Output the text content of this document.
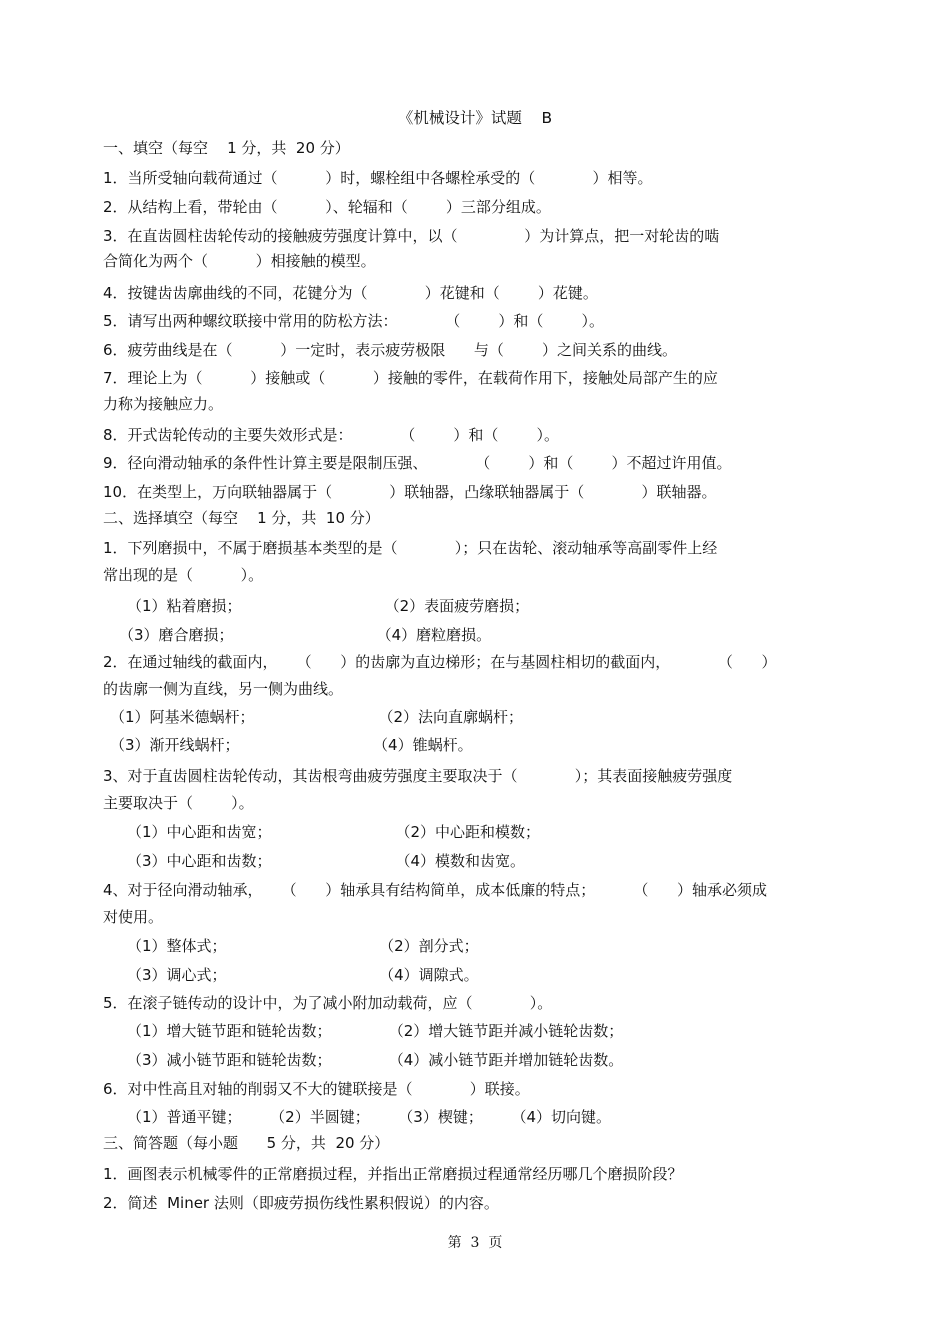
《机械设计》试题    B
一、填空（每空    1 分，共  20 分）
1．当所受轴向载荷通过（          ）时，螺栓组中各螺栓承受的（            ）相等。
2．从结构上看，带轮由（          ）、轮辐和（        ）三部分组成。
3．在直齿圆柱齿轮传动的接触疲劳强度计算中，以（              ）为计算点，把一对轮齿的啮
合简化为两个（          ）相接触的模型。
4．按键齿齿廓曲线的不同，花键分为（            ）花键和（        ）花键。
5．请写出两种螺纹联接中常用的防松方法：          （        ）和（        ）。
6．疲劳曲线是在（          ）一定时，表示疲劳极限      与（        ）之间关系的曲线。
7．理论上为（          ）接触或（          ）接触的零件，在载荷作用下，接触处局部产生的应
力称为接触应力。
8．开式齿轮传动的主要失效形式是：          （        ）和（        ）。
9．径向滑动轴承的条件性计算主要是限制压强、          （        ）和（        ）不超过许用值。
10．在类型上，万向联轴器属于（            ）联轴器，凸缘联轴器属于（            ）联轴器。
二、选择填空（每空    1 分，共  10 分）
1．下列磨损中，不属于磨损基本类型的是（            ）；只在齿轮、滚动轴承等高副零件上经
常出现的是（          ）。
（1）粘着磨损；                              （2）表面疲劳磨损；
（3）磨合磨损；                              （4）磨粒磨损。
2．在通过轴线的截面内，    （      ）的齿廓为直边梯形；在与基圆柱相切的截面内，          （      ）
的齿廓一侧为直线，另一侧为曲线。
（1）阿基米德蜗杆；                          （2）法向直廓蜗杆；
（3）渐开线蜗杆；                            （4）锥蜗杆。
3、对于直齿圆柱齿轮传动，其齿根弯曲疲劳强度主要取决于（            ）；其表面接触疲劳强度
主要取决于（        ）。
（1）中心距和齿宽；                          （2）中心距和模数；
（3）中心距和齿数；                          （4）模数和齿宽。
4、对于径向滑动轴承，    （      ）轴承具有结构简单，成本低廉的特点；        （      ）轴承必须成
对使用。
（1）整体式；                                （2）剖分式；
（3）调心式；                                （4）调隙式。
5．在滚子链传动的设计中，为了减小附加动载荷，应（            ）。
（1）增大链节距和链轮齿数；            （2）增大链节距并减小链轮齿数；
（3）减小链节距和链轮齿数；            （4）减小链节距并增加链轮齿数。
6．对中性高且对轴的削弱又不大的键联接是（            ）联接。
（1）普通平键；      （2）半圆键；      （3）楔键；      （4）切向键。
三、简答题（每小题      5 分，共  20 分）
1．画图表示机械零件的正常磨损过程，并指出正常磨损过程通常经历哪几个磨损阶段？
2．简述  Miner 法则（即疲劳损伤线性累积假说）的内容。
第  3  页
